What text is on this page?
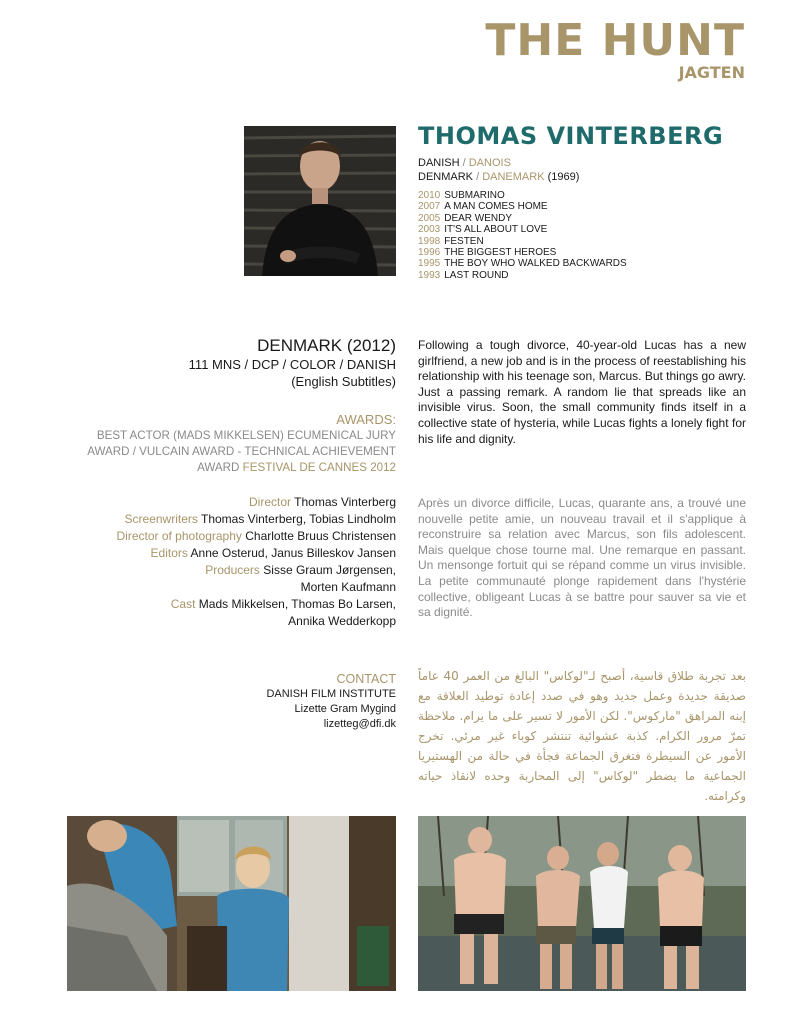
THE HUNT
JAGTEN
THOMAS VINTERBERG
DANISH / DANOIS
DENMARK / DANEMARK (1969)
2010 SUBMARINO
2007 A MAN COMES HOME
2005 DEAR WENDY
2003 IT'S ALL ABOUT LOVE
1998 FESTEN
1996 THE BIGGEST HEROES
1995 THE BOY WHO WALKED BACKWARDS
1993 LAST ROUND
DENMARK (2012)
111 MNS / DCP / COLOR / DANISH
(English Subtitles)
AWARDS:
BEST ACTOR (MADS MIKKELSEN) ECUMENICAL JURY AWARD / VULCAIN AWARD - TECHNICAL ACHIEVEMENT AWARD FESTIVAL DE CANNES 2012
Director Thomas Vinterberg
Screenwriters Thomas Vinterberg, Tobias Lindholm
Director of photography Charlotte Bruus Christensen
Editors Anne Osterud, Janus Billeskov Jansen
Producers Sisse Graum Jørgensen,
Morten Kaufmann
Cast Mads Mikkelsen, Thomas Bo Larsen,
Annika Wedderkopp
CONTACT
DANISH FILM INSTITUTE
Lizette Gram Mygind
lizetteg@dfi.dk
Following a tough divorce, 40-year-old Lucas has a new girlfriend, a new job and is in the process of reestablishing his relationship with his teenage son, Marcus. But things go awry. Just a passing remark. A random lie that spreads like an invisible virus. Soon, the small community finds itself in a collective state of hysteria, while Lucas fights a lonely fight for his life and dignity.
Après un divorce difficile, Lucas, quarante ans, a trouvé une nouvelle petite amie, un nouveau travail et il s'applique à reconstruire sa relation avec Marcus, son fils adolescent. Mais quelque chose tourne mal. Une remarque en passant. Un mensonge fortuit qui se répand comme un virus invisible. La petite communauté plonge rapidement dans l'hystérie collective, obligeant Lucas à se battre pour sauver sa vie et sa dignité.
بعد تجربة طلاق قاسية، أصبح لـ"لوكاس" البالغ من العمر 40 عاماً صديقة جديدة وعمل جديد وهو في صدد إعادة توطيد العلاقة مع إبنه المراهق "ماركوس". لكن الأمور لا تسير على ما يرام. ملاحظة تمرّ مرور الكرام. كذبة عشوائية تنتشر كوباء غير مرئي. تخرج الأمور عن السيطرة فتغرق الجماعة فجأة في حالة من الهستيريا الجماعية ما يضطر "لوكاس" إلى المحاربة وحده لانقاذ حياته وكرامته.
